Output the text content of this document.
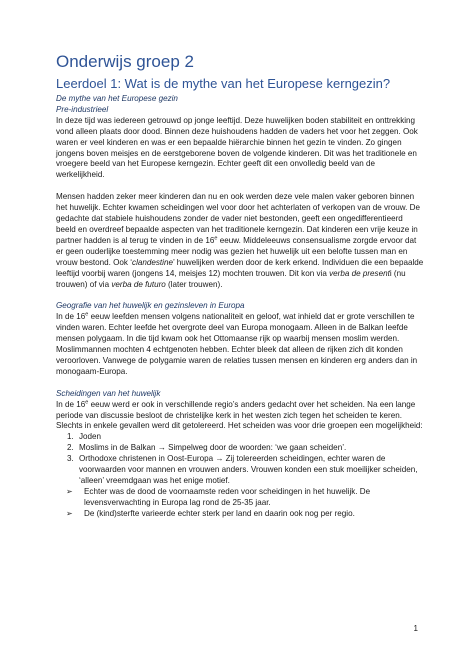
Onderwijs groep 2
Leerdoel 1: Wat is de mythe van het Europese kerngezin?

De mythe van het Europese gezin

Pre-industrieel

In deze tijd was iedereen getrouwd op jonge leeftijd. Deze huwelijken boden stabiliteit en onttrekking vond alleen plaats door dood. Binnen deze huishoudens hadden de vaders het voor het zeggen. Ook waren er veel kinderen en was er een bepaalde hiërarchie binnen het gezin te vinden. Zo gingen jongens boven meisjes en de eerstgeborene boven de volgende kinderen. Dit was het traditionele en vroegere beeld van het Europese kerngezin. Echter geeft dit een onvolledig beeld van de werkelijkheid.

Mensen hadden zeker meer kinderen dan nu en ook werden deze vele malen vaker geboren binnen het huwelijk. Echter kwamen scheidingen wel voor door het achterlaten of verkopen van de vrouw. De gedachte dat stabiele huishoudens zonder de vader niet bestonden, geeft een ongedifferentieerd beeld en overdreef bepaalde aspecten van het traditionele kerngezin. Dat kinderen een vrije keuze in partner hadden is al terug te vinden in de 16e eeuw. Middeleeuws consensualisme zorgde ervoor dat er geen ouderlijke toestemming meer nodig was gezien het huwelijk uit een belofte tussen man en vrouw bestond. Ook ‘clandestine’ huwelijken werden door de kerk erkend. Individuen die een bepaalde leeftijd voorbij waren (jongens 14, meisjes 12) mochten trouwen. Dit kon via verba de presenti (nu trouwen) of via verba de futuro (later trouwen).

Geografie van het huwelijk en gezinsleven in Europa

In de 16e eeuw leefden mensen volgens nationaliteit en geloof, wat inhield dat er grote verschillen te vinden waren. Echter leefde het overgrote deel van Europa monogaam. Alleen in de Balkan leefde mensen polygaam. In die tijd kwam ook het Ottomaanse rijk op waarbij mensen moslim werden. Moslimmannen mochten 4 echtgenoten hebben. Echter bleek dat alleen de rijken zich dit konden veroorloven. Vanwege de polygamie waren de relaties tussen mensen en kinderen erg anders dan in monogaam-Europa.

Scheidingen van het huwelijk

In de 16e eeuw werd er ook in verschillende regio’s anders gedacht over het scheiden. Na een lange periode van discussie besloot de christelijke kerk in het westen zich tegen het scheiden te keren. Slechts in enkele gevallen werd dit getolereerd. Het scheiden was voor drie groepen een mogelijkheid:

1. Joden
2. Moslims in de Balkan → Simpelweg door de woorden: ‘we gaan scheiden’.
3. Orthodoxe christenen in Oost-Europa → Zij tolereerden scheidingen, echter waren de voorwaarden voor mannen en vrouwen anders. Vrouwen konden een stuk moeilijker scheiden, ‘alleen’ vreemdgaan was het enige motief.
➢ Echter was de dood de voornaamste reden voor scheidingen in het huwelijk. De levensverwachting in Europa lag rond de 25-35 jaar.
➢ De (kind)sterfte varieerde echter sterk per land en daarin ook nog per regio.
1
